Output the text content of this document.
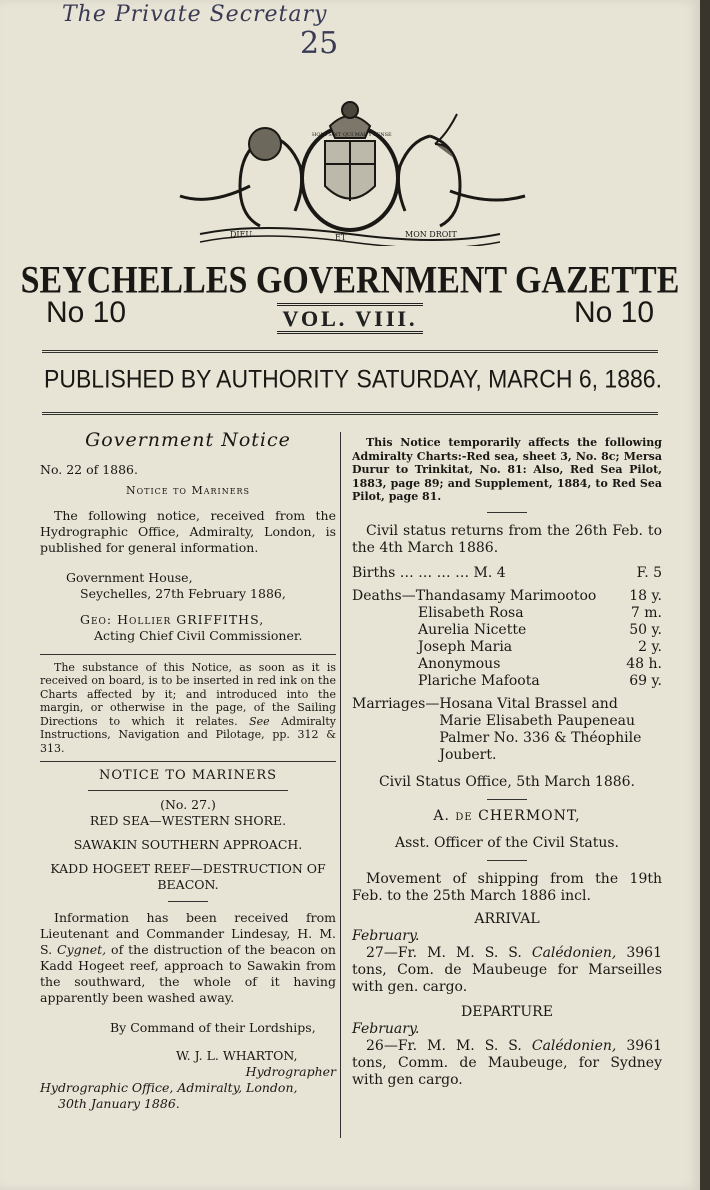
The Private Secretary
25
DIEU	ET	MON DROIT
HONI SOIT QUI MAL Y PENSE
SEYCHELLES GOVERNMENT GAZETTE
No 10	VOL. VIII.	No 10
PUBLISHED BY AUTHORITY SATURDAY, MARCH 6, 1886.
Government Notice
No. 22 of 1886.
Notice to Mariners
The following notice, received from the Hydrographic Office, Admiralty, London, is published for general information.
Government House,
Seychelles, 27th February 1886,
Geo: Hollier GRIFFITHS,
Acting Chief Civil Commissioner.
The substance of this Notice, as soon as it is received on board, is to be inserted in red ink on the Charts affected by it; and introduced into the margin, or otherwise in the page, of the Sailing Directions to which it relates. See Admiralty Instructions, Navigation and Pilotage, pp. 312 & 313.
NOTICE TO MARINERS
(No. 27.)
RED SEA—WESTERN SHORE.
SAWAKIN SOUTHERN APPROACH.
KADD HOGEET REEF—DESTRUCTION OF BEACON.
Information has been received from Lieutenant and Commander Lindesay, H. M. S. Cygnet, of the distruction of the beacon on Kadd Hogeet reef, approach to Sawakin from the southward, the whole of it having apparently been washed away.
By Command of their Lordships,
W. J. L. WHARTON,
Hydrographer
Hydrographic Office, Admiralty, London,
30th January 1886.
This Notice temporarily affects the following Admiralty Charts:-Red sea, sheet 3, No. 8c; Mersa Durur to Trinkitat, No. 81: Also, Red Sea Pilot, 1883, page 89; and Supplement, 1884, to Red Sea Pilot, page 81.
Civil status returns from the 26th Feb. to the 4th March 1886.
Births … … … … M. 4	F. 5
Deaths—Thandasamy Marimootoo 18 y.
Elisabeth Rosa	7 m.
Aurelia Nicette	50 y.
Joseph Maria	2 y.
Anonymous	48 h.
Plariche Mafoota	69 y.
Marriages— Hosana Vital Brassel and Marie Elisabeth Paupeneau Palmer No. 336 & Théophile Joubert.
Civil Status Office, 5th March 1886.
A. de CHERMONT,
Asst. Officer of the Civil Status.
Movement of shipping from the 19th Feb. to the 25th March 1886 incl.
ARRIVAL
February.
27—Fr. M. M. S. S. Calédonien, 3961 tons, Com. de Maubeuge for Marseilles with gen. cargo.
DEPARTURE
February.
26—Fr. M. M. S. S. Calédonien, 3961 tons, Comm. de Maubeuge, for Sydney with gen cargo.
